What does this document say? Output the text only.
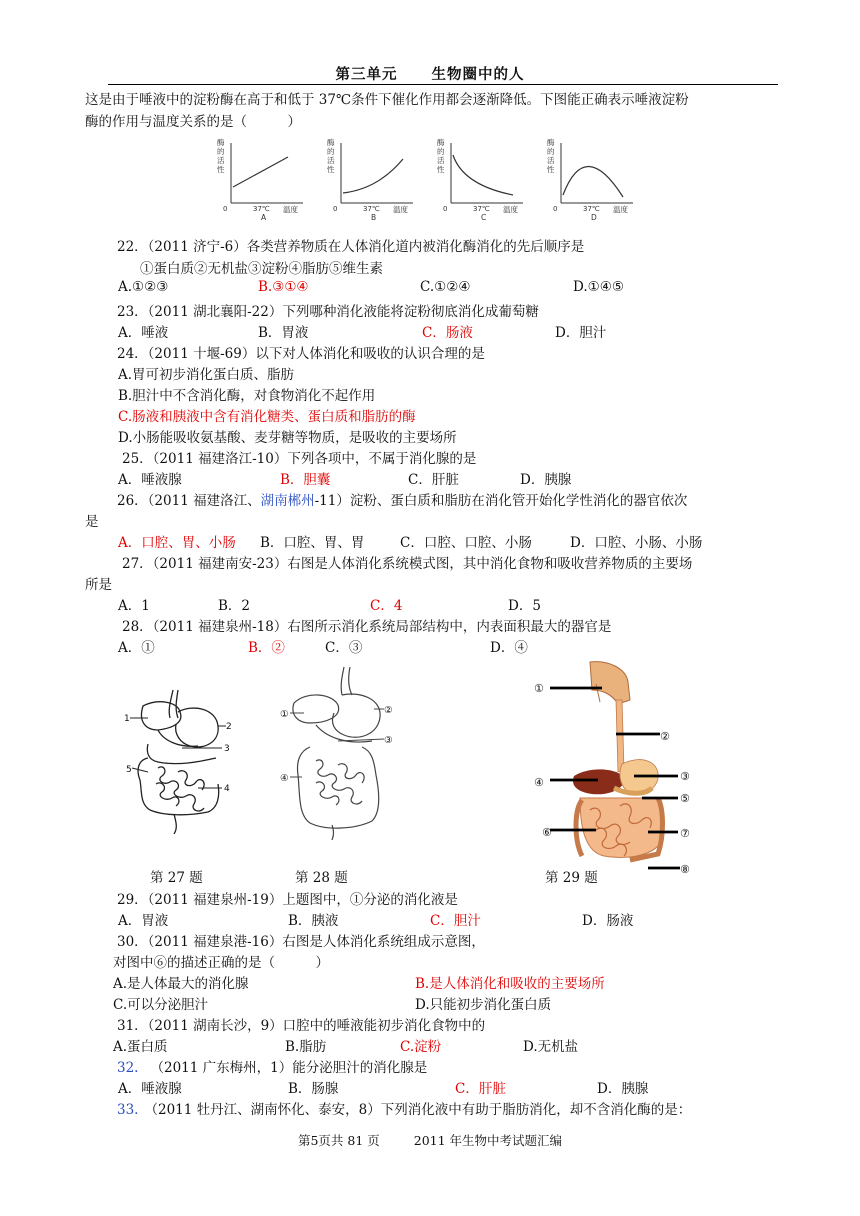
第三单元 生物圈中的人
这是由于唾液中的淀粉酶在高于和低于 37℃条件下催化作用都会逐渐降低。下图能正确表示唾液淀粉
酶的作用与温度关系的是（　　　）
酶
的
活
性
0	37℃ 温度
A
酶
的
活
性
0	37℃ 温度
B
酶
的
活
性
0	37℃ 温度
C
酶
的
活
性
0	37℃ 温度
D
22．（2011 济宁-6）各类营养物质在人体消化道内被消化酶消化的先后顺序是
①蛋白质②无机盐③淀粉④脂肪⑤维生素
A.①②③	B.③①④	C.①②④	D.①④⑤
23．（2011 湖北襄阳-22）下列哪种消化液能将淀粉彻底消化成葡萄糖
A．唾液	B．胃液	C．肠液	D．胆汁
24．（2011 十堰-69）以下对人体消化和吸收的认识合理的是
A.胃可初步消化蛋白质、脂肪
B.胆汁中不含消化酶，对食物消化不起作用
C.肠液和胰液中含有消化糖类、蛋白质和脂肪的酶
D.小肠能吸收氨基酸、麦芽糖等物质，是吸收的主要场所
25．（2011 福建洛江-10）下列各项中，不属于消化腺的是
A．唾液腺	B．胆囊	C．肝脏	D．胰腺
26．（2011 福建洛江、湖南郴州-11）淀粉、蛋白质和脂肪在消化管开始化学性消化的器官依次
是
A．口腔、胃、小肠 B．口腔、胃、胃	C．口腔、口腔、小肠	D．口腔、小肠、小肠
27．（2011 福建南安-23）右图是人体消化系统模式图，其中消化食物和吸收营养物质的主要场
所是
A．1	B．2	C．4	D．5
28．（2011 福建泉州-18）右图所示消化系统局部结构中，内表面积最大的器官是
A．①	B．②	C．③	D．④
1
2
3
4
5
①	②
③
④
①
②
③
④
⑤
⑥	⑦
⑧
第 27 题	第 28 题	第 29 题
29．（2011 福建泉州-19）上题图中，①分泌的消化液是
A．胃液	B．胰液	C．胆汁	D．肠液
30．（2011 福建泉港-16）右图是人体消化系统组成示意图，
对图中⑥的描述正确的是（　　　）
A.是人体最大的消化腺	B.是人体消化和吸收的主要场所
C.可以分泌胆汁	D.只能初步消化蛋白质
31．（2011 湖南长沙，9）口腔中的唾液能初步消化食物中的
A.蛋白质	B.脂肪	C.淀粉	D.无机盐
32. （2011 广东梅州，1）能分泌胆汁的消化腺是
A．唾液腺	B．肠腺	C．肝脏	D．胰腺
33. （2011 牡丹江、湖南怀化、泰安，8）下列消化液中有助于脂肪消化，却不含消化酶的是：
第5页共 81 页	2011 年生物中考试题汇编
